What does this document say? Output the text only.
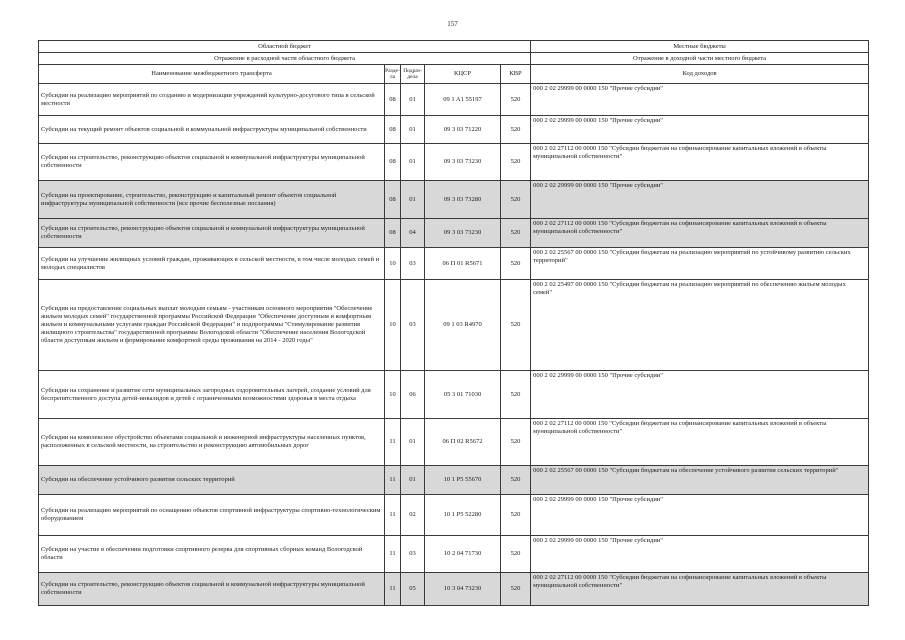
157
Областной бюджет					Местные бюджеты
Отражение в расходной части областного бюджета					Отражение в доходной части местного бюджета
Наименование межбюджетного трансферта	Раздела	Подраздела	КЦСР	КВР	Код доходов
Субсидии на реализацию мероприятий по созданию и модернизации учреждений культурно-досугового типа в сельской местности	08	01	09 1 A1 55197	520	000 2 02 29999 00 0000 150 "Прочие субсидии"
Субсидии на текущий ремонт объектов социальной и коммунальной инфраструктуры муниципальной собственности	08	01	09 3 03 71220	520	000 2 02 29999 00 0000 150 "Прочие субсидии"
Субсидии на строительство, реконструкцию объектов социальной и коммунальной инфраструктуры муниципальной собственности	08	01	09 3 03 73230	520	000 2 02 27112 00 0000 150 "Субсидии бюджетам на софинансирование капитальных вложений в объекты муниципальной собственности"
Субсидии на проектирование, строительство, реконструкцию и капитальный ремонт объектов социальной инфраструктуры муниципальной собственности (все прочие бесполезные послания)	08	01	09 3 03 73280	520	000 2 02 29999 00 0000 150 "Прочие субсидии"
Субсидии на строительство, реконструкцию объектов социальной и коммунальной инфраструктуры муниципальной собственности	08	04	09 3 03 73230	520	000 2 02 27112 00 0000 150 "Субсидии бюджетам на софинансирование капитальных вложений в объекты муниципальной собственности"
Субсидии на улучшение жилищных условий граждан, проживающих в сельской местности, в том числе молодых семей и молодых специалистов	10	03	06 П 01 R5671	520	000 2 02 25567 00 0000 150 "Субсидии бюджетам на реализацию мероприятий по устойчивому развитию сельских территорий"
Субсидии на предоставление социальных выплат молодым семьям - участникам основного мероприятия "Обеспечение жильем молодых семей" государственной программы Российской Федерации "Обеспечение доступным и комфортным жильем и коммунальными услугами граждан Российской Федерации" и подпрограммы "Стимулирование развития жилищного строительства" государственной программы Вологодской области "Обеспечение населения Вологодской области доступным жильем и формирование комфортной среды проживания на 2014 - 2020 годы"	10	03	09 1 03 R4970	520	000 2 02 25497 00 0000 150 "Субсидии бюджетам на реализацию мероприятий по обеспечению жильем молодых семей"
Субсидии на сохранение и развитие сети муниципальных загородных оздоровительных лагерей, создание условий для беспрепятственного доступа детей-инвалидов и детей с ограниченными возможностями здоровья в места отдыха	10	06	05 3 01 71030	520	000 2 02 29999 00 0000 150 "Прочие субсидии"
Субсидии на комплексное обустройство объектами социальной и инженерной инфраструктуры населенных пунктов, расположенных в сельской местности, на строительство и реконструкцию автомобильных дорог	11	01	06 П 02 R5672	520	000 2 02 27112 00 0000 150 "Субсидии бюджетам на софинансирование капитальных вложений в объекты муниципальной собственности"
Субсидии на обеспечение устойчивого развития сельских территорий	11	01	10 1 P5 55670	520	000 2 02 25567 00 0000 150 "Субсидии бюджетам на обеспечение устойчивого развития сельских территорий"
Субсидии на реализацию мероприятий по оснащению объектов спортивной инфраструктуры спортивно-технологическим оборудованием	11	02	10 1 P5 52280	520	000 2 02 29999 00 0000 150 "Прочие субсидии"
Субсидии на участие в обеспечении подготовки спортивного резерва для спортивных сборных команд Вологодской области	11	03	10 2 04 71730	520	000 2 02 29999 00 0000 150 "Прочие субсидии"
Субсидии на строительство, реконструкцию объектов социальной и коммунальной инфраструктуры муниципальной собственности	11	05	10 3 04 73230	520	000 2 02 27112 00 0000 150 "Субсидии бюджетам на софинансирование капитальных вложений в объекты муниципальной собственности"
